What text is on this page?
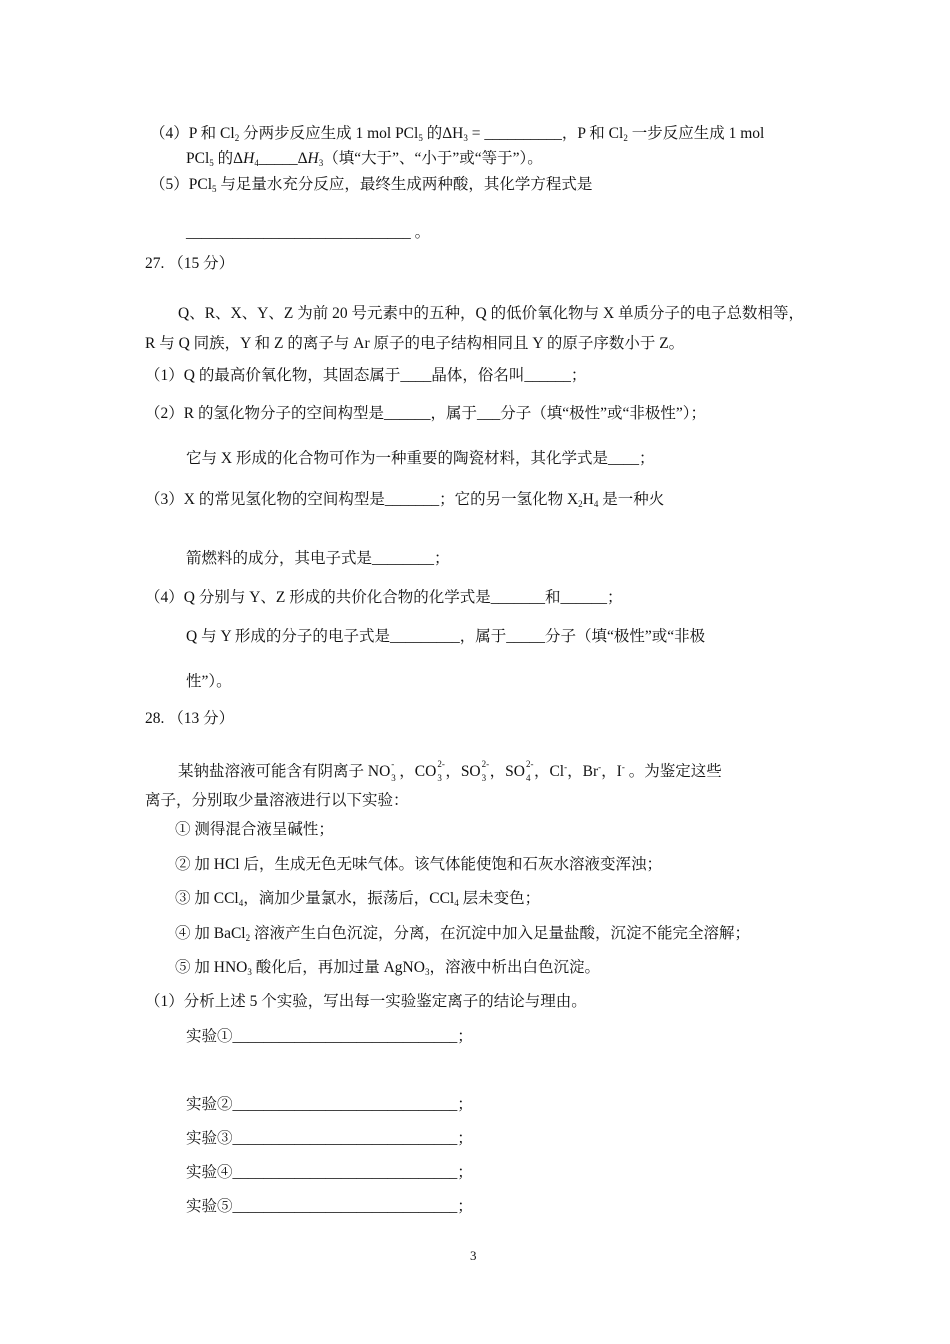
（4）P 和 $Cl_2$ 分两步反应生成 1 mol PCl$_5$ 的$\Delta H_3$ = __________，P 和 $Cl_2$ 一步反应生成 1 mol
PCl$_5$ 的$\Delta H_4\_\_\_\_\_\Delta H_3$（填“大于”、“小于”或“等于”）。
（5）PCl$_5$ 与足量水充分反应，最终生成两种酸，其化学方程式是
_____________________________ 。
27. （15 分）
Q、R、X、Y、Z 为前 20 号元素中的五种，Q 的低价氧化物与 X 单质分子的电子总数相等，
R 与 Q 同族，Y 和 Z 的离子与 Ar 原子的电子结构相同且 Y 的原子序数小于 Z。
（1）Q 的最高价氧化物，其固态属于____晶体，俗名叫______；
（2）R 的氢化物分子的空间构型是______，属于___分子（填“极性”或“非极性”）；
它与 X 形成的化合物可作为一种重要的陶瓷材料，其化学式是____；
（3）X 的常见氢化物的空间构型是_______；它的另一氢化物 $X_2H_4$ 是一种火
箭燃料的成分，其电子式是________；
（4）Q 分别与 Y、Z 形成的共价化合物的化学式是_______和______；
Q 与 Y 形成的分子的电子式是_________，属于_____分子（填“极性”或“非极
性”）。
28. （13 分）
某钠盐溶液可能含有阴离子 NO -
3 ，CO 2-
3 ，SO 2-
3 ，SO 2-
4 ，Cl-，Br-，I- 。为鉴定这些
离子，分别取少量溶液进行以下实验：
① 测得混合液呈碱性；
② 加 HCl 后，生成无色无味气体。该气体能使饱和石灰水溶液变浑浊；
③ 加 CCl$_4$，滴加少量氯水，振荡后，CCl$_4$ 层未变色；
④ 加 BaCl$_2$ 溶液产生白色沉淀，分离，在沉淀中加入足量盐酸，沉淀不能完全溶解；
⑤ 加 $HNO_3$ 酸化后，再加过量 AgNO$_3$，溶液中析出白色沉淀。
（1）分析上述 5 个实验，写出每一实验鉴定离子的结论与理由。
实验①_____________________________；
实验②_____________________________；
实验③_____________________________；
实验④_____________________________；
实验⑤_____________________________；
3
